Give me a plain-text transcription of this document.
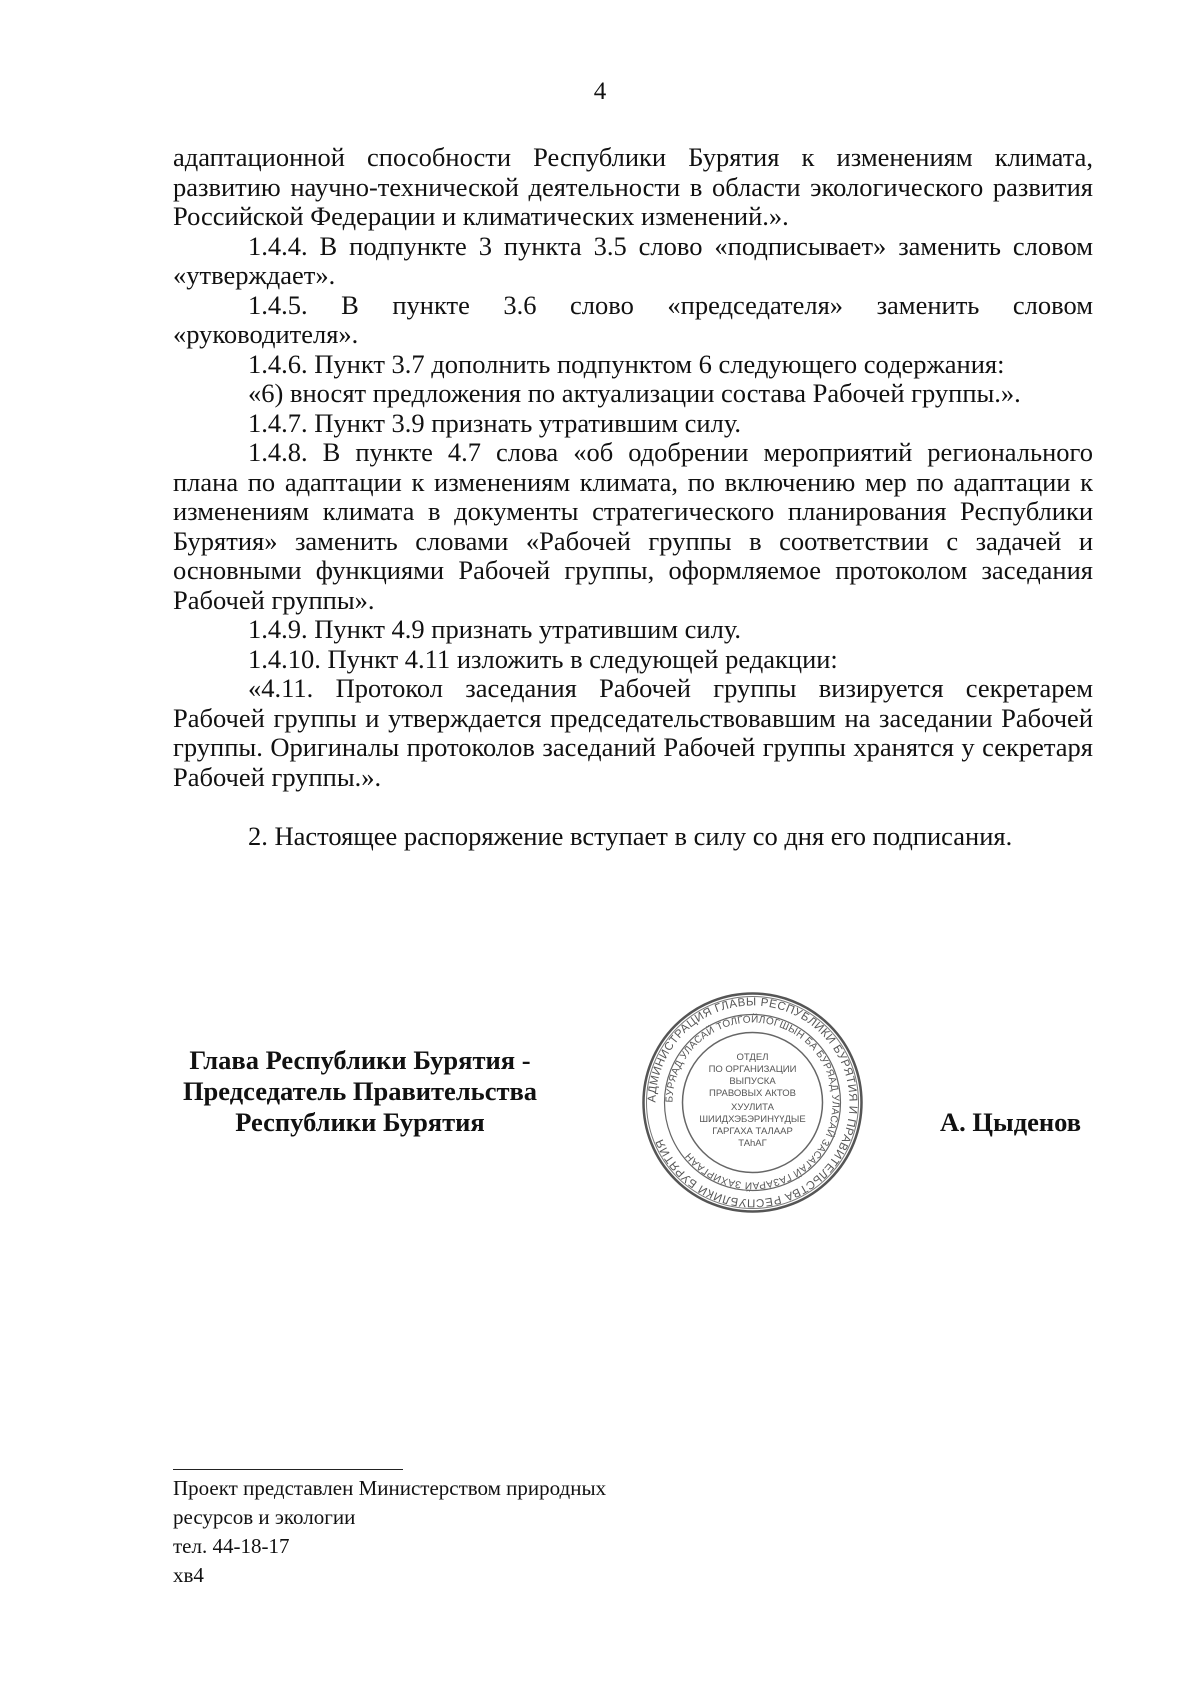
4

адаптационной способности Республики Бурятия к изменениям климата, развитию научно-технической деятельности в области экологического развития Российской Федерации и климатических изменений.».

1.4.4. В подпункте 3 пункта 3.5 слово «подписывает» заменить словом «утверждает».

1.4.5. В пункте 3.6 слово «председателя» заменить словом «руководителя».

1.4.6. Пункт 3.7 дополнить подпунктом 6 следующего содержания:

«6) вносят предложения по актуализации состава Рабочей группы.».

1.4.7. Пункт 3.9 признать утратившим силу.

1.4.8. В пункте 4.7 слова «об одобрении мероприятий регионального плана по адаптации к изменениям климата, по включению мер по адаптации к изменениям климата в документы стратегического планирования Республики Бурятия» заменить словами «Рабочей группы в соответствии с задачей и основными функциями Рабочей группы, оформляемое протоколом заседания Рабочей группы».

1.4.9. Пункт 4.9 признать утратившим силу.

1.4.10. Пункт 4.11 изложить в следующей редакции:

«4.11. Протокол заседания Рабочей группы визируется секретарем Рабочей группы и утверждается председательствовавшим на заседании Рабочей группы. Оригиналы протоколов заседаний Рабочей группы хранятся у секретаря Рабочей группы.».

2. Настоящее распоряжение вступает в силу со дня его подписания.

Глава Республики Бурятия -
Председатель Правительства
Республики Бурятия
АДМИНИСТРАЦИЯ ГЛАВЫ РЕСПУБЛИКИ БУРЯТИЯ И ПРАВИТЕЛЬСТВА РЕСПУБЛИКИ БУРЯТИЯ
БУРЯАД УЛАСАЙ ТОЛГОЙЛОГШЫН БА БУРЯАД УЛАСАЙ ЗАСАГАЙ ГАЗАРАЙ ЗАХИРГААН
ОТДЕЛ
ПО ОРГАНИЗАЦИИ
ВЫПУСКА
ПРАВОВЫХ АКТОВ
ХУУЛИТА
ШИИДХЭБЭРИНҮҮДЫЕ
ГАРГАХА ТАЛААР
ТАһАГ
А. Цыденов
Проект представлен Министерством природных
ресурсов и экологии
тел. 44-18-17
хв4
